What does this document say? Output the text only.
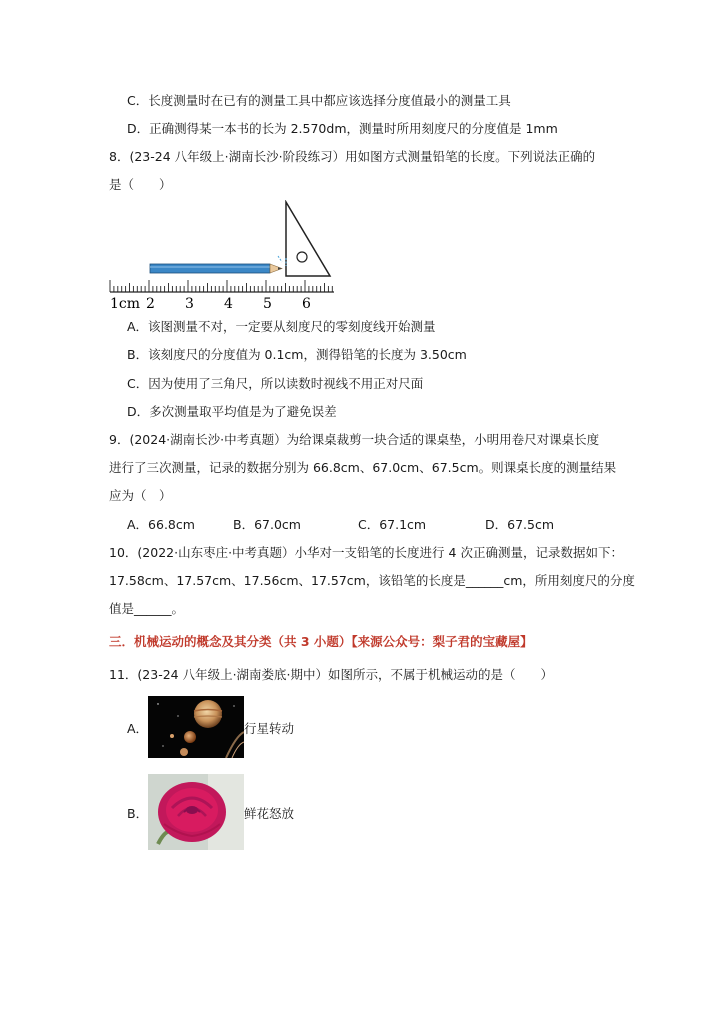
C．长度测量时在已有的测量工具中都应该选择分度值最小的测量工具
D．正确测得某一本书的长为 2.570dm，测量时所用刻度尺的分度值是 1mm
8．(23-24 八年级上·湖南长沙·阶段练习）用如图方式测量铅笔的长度。下列说法正确的
是（　　）
1cm 2 3 4 5 6
A．该图测量不对，一定要从刻度尺的零刻度线开始测量
B．该刻度尺的分度值为 0.1cm，测得铅笔的长度为 3.50cm
C．因为使用了三角尺，所以读数时视线不用正对尺面
D．多次测量取平均值是为了避免误差
9．(2024·湖南长沙·中考真题）为给课桌裁剪一块合适的课桌垫，小明用卷尺对课桌长度
进行了三次测量，记录的数据分别为 66.8cm、67.0cm、67.5cm。则课桌长度的测量结果
应为（　）
A．66.8cm	B．67.0cm	C．67.1cm	D．67.5cm
10．(2022·山东枣庄·中考真题）小华对一支铅笔的长度进行 4 次正确测量，记录数据如下：
17.58cm、17.57cm、17.56cm、17.57cm，该铅笔的长度是______cm，所用刻度尺的分度
值是______。
三．机械运动的概念及其分类（共 3 小题）【来源公众号：梨子君的宝藏屋】
11．(23-24 八年级上·湖南娄底·期中）如图所示，不属于机械运动的是（　　）
A．	行星转动
B．	鲜花怒放
